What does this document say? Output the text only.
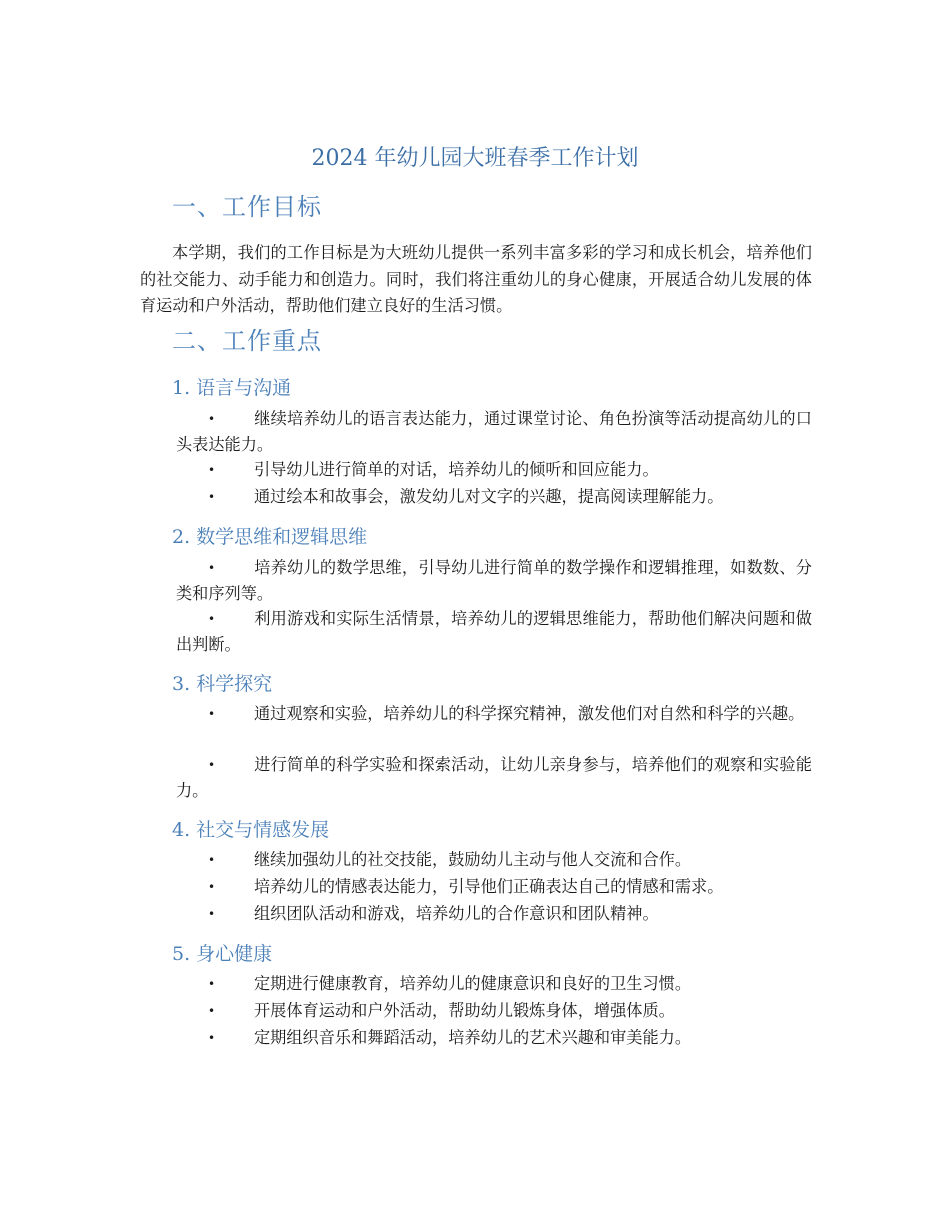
2024 年幼儿园大班春季工作计划
一、工作目标
本学期，我们的工作目标是为大班幼儿提供一系列丰富多彩的学习和成长机会，培养他们的社交能力、动手能力和创造力。同时，我们将注重幼儿的身心健康，开展适合幼儿发展的体育运动和户外活动，帮助他们建立良好的生活习惯。
二、工作重点
1. 语言与沟通
• 继续培养幼儿的语言表达能力，通过课堂讨论、角色扮演等活动提高幼儿的口头表达能力。
• 引导幼儿进行简单的对话，培养幼儿的倾听和回应能力。
• 通过绘本和故事会，激发幼儿对文字的兴趣，提高阅读理解能力。
2. 数学思维和逻辑思维
• 培养幼儿的数学思维，引导幼儿进行简单的数学操作和逻辑推理，如数数、分类和序列等。
• 利用游戏和实际生活情景，培养幼儿的逻辑思维能力，帮助他们解决问题和做出判断。
3. 科学探究
• 通过观察和实验，培养幼儿的科学探究精神，激发他们对自然和科学的兴趣。
• 进行简单的科学实验和探索活动，让幼儿亲身参与，培养他们的观察和实验能力。
4. 社交与情感发展
• 继续加强幼儿的社交技能，鼓励幼儿主动与他人交流和合作。
• 培养幼儿的情感表达能力，引导他们正确表达自己的情感和需求。
• 组织团队活动和游戏，培养幼儿的合作意识和团队精神。
5. 身心健康
• 定期进行健康教育，培养幼儿的健康意识和良好的卫生习惯。
• 开展体育运动和户外活动，帮助幼儿锻炼身体，增强体质。
• 定期组织音乐和舞蹈活动，培养幼儿的艺术兴趣和审美能力。
